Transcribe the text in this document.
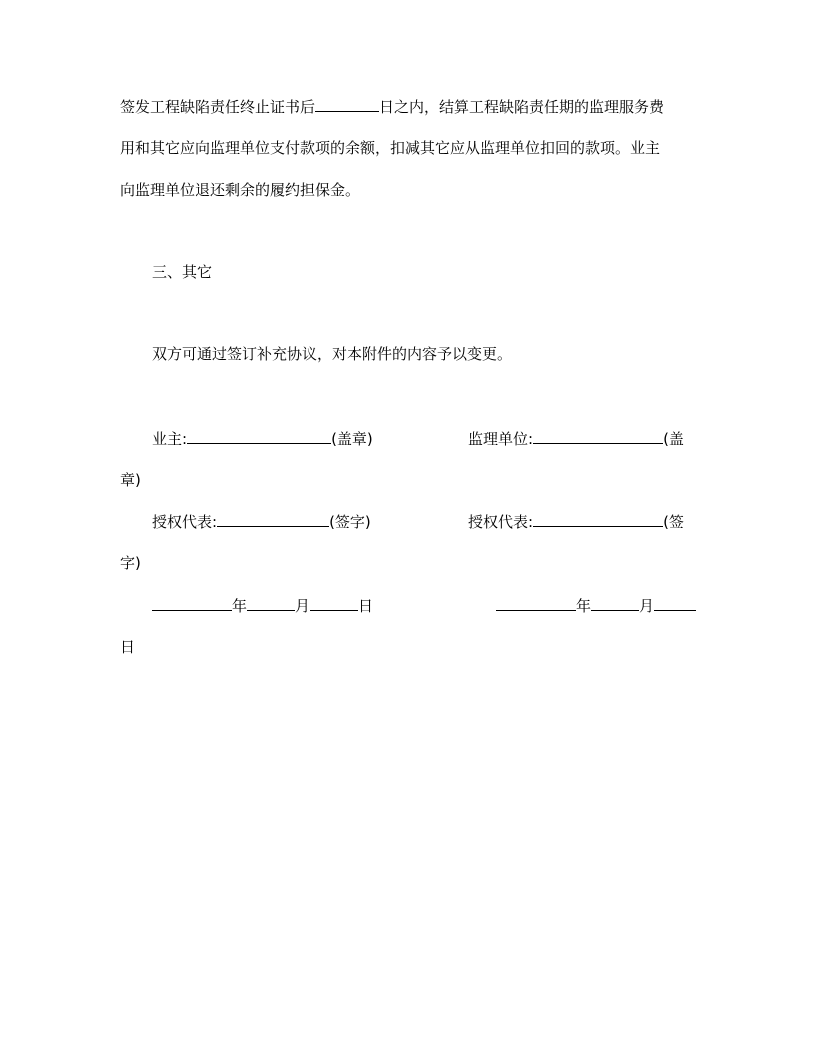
签发工程缺陷责任终止证书后	日之内，结算工程缺陷责任期的监理服务费
用和其它应向监理单位支付款项的余额，扣减其它应从监理单位扣回的款项。业主
向监理单位退还剩余的履约担保金。
三、其它
双方可通过签订补充协议，对本附件的内容予以变更。
业主:	(盖章)	监理单位:	(盖
章)
授权代表:	(签字)	授权代表:	(签
字)
年	月	日	年	月
日
